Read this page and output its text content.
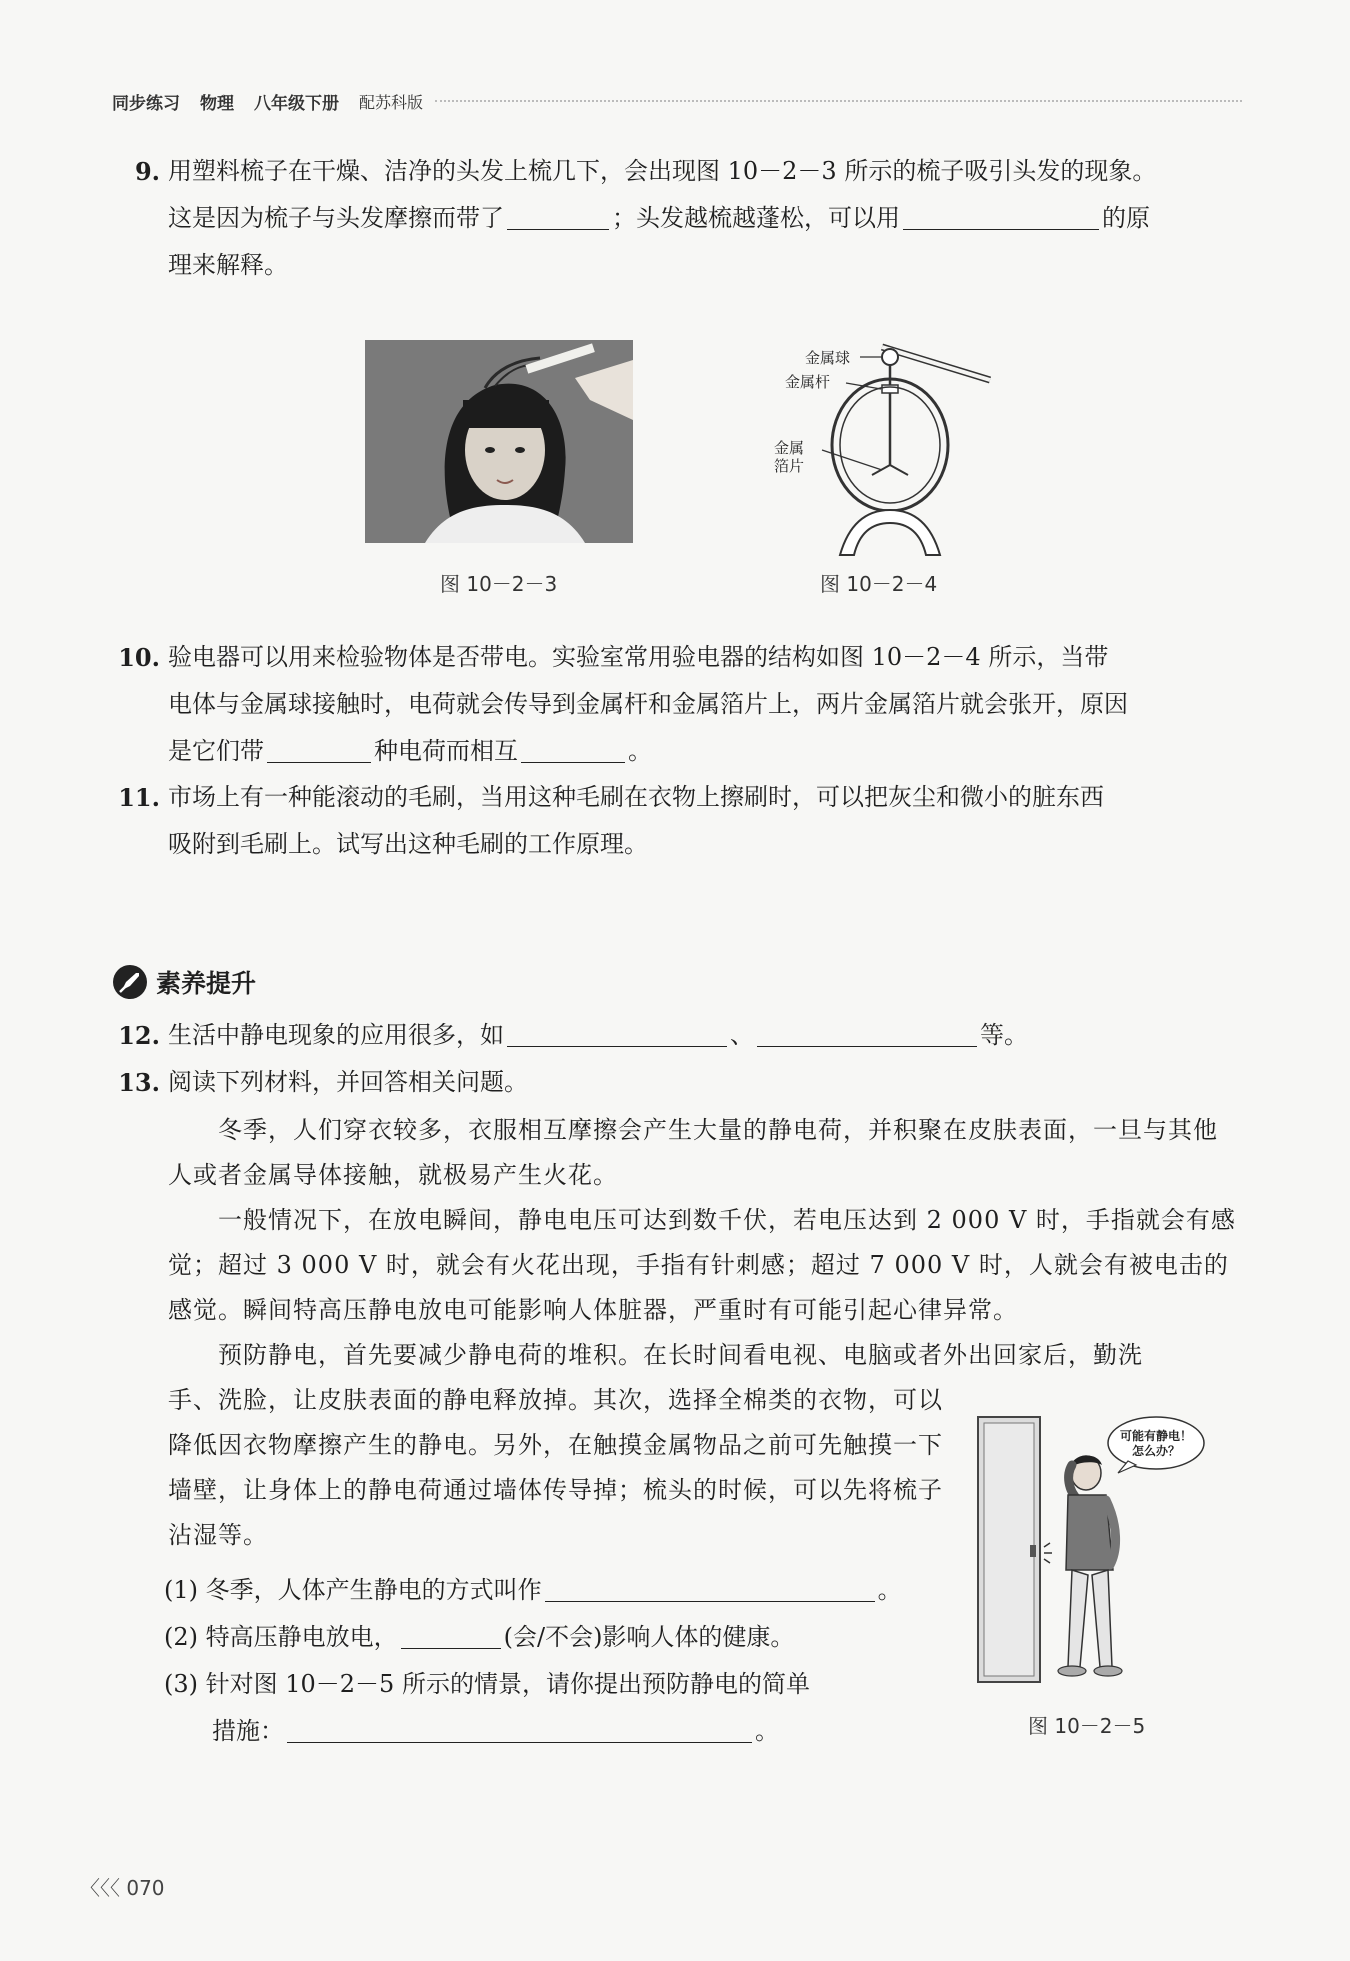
同步练习 物理 八年级下册 配苏科版
9. 用塑料梳子在干燥、洁净的头发上梳几下，会出现图 10－2－3 所示的梳子吸引头发的现象。
这是因为梳子与头发摩擦而带了	；头发越梳越蓬松，可以用	的原
理来解释。
图 10－2－3
金属球
金属杆
金属
箔片
图 10－2－4
10. 验电器可以用来检验物体是否带电。实验室常用验电器的结构如图 10－2－4 所示，当带
电体与金属球接触时，电荷就会传导到金属杆和金属箔片上，两片金属箔片就会张开，原因
是它们带	种电荷而相互	。
11. 市场上有一种能滚动的毛刷，当用这种毛刷在衣物上擦刷时，可以把灰尘和微小的脏东西
吸附到毛刷上。试写出这种毛刷的工作原理。
素养提升
12. 生活中静电现象的应用很多，如	、	等。
13. 阅读下列材料，并回答相关问题。
冬季，人们穿衣较多，衣服相互摩擦会产生大量的静电荷，并积聚在皮肤表面，一旦与其他人或者金属导体接触，就极易产生火花。
一般情况下，在放电瞬间，静电电压可达到数千伏，若电压达到 2 000 V 时，手指就会有感觉；超过 3 000 V 时，就会有火花出现，手指有针刺感；超过 7 000 V 时，人就会有被电击的感觉。瞬间特高压静电放电可能影响人体脏器，严重时有可能引起心律异常。
预防静电，首先要减少静电荷的堆积。在长时间看电视、电脑或者外出回家后，勤洗
手、洗脸，让皮肤表面的静电释放掉。其次，选择全棉类的衣物，可以降低因衣物摩擦产生的静电。另外，在触摸金属物品之前可先触摸一下墙壁，让身体上的静电荷通过墙体传导掉；梳头的时候，可以先将梳子沾湿等。
可能有静电！
怎么办？
图 10－2－5
(1) 冬季，人体产生静电的方式叫作	。
(2) 特高压静电放电，	(会/不会)影响人体的健康。
(3) 针对图 10－2－5 所示的情景，请你提出预防静电的简单
措施：	。
〈〈〈 070
